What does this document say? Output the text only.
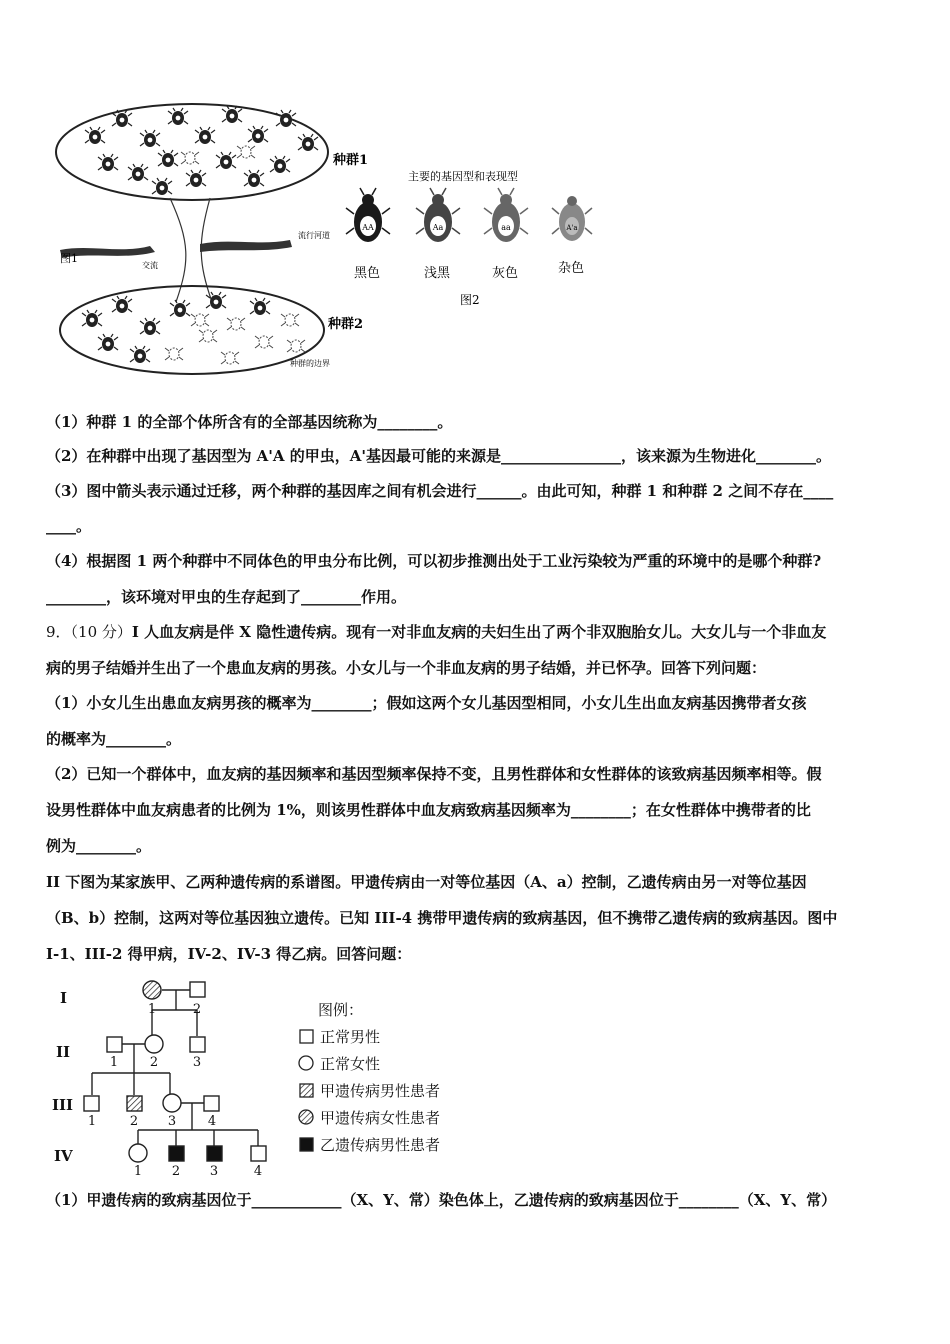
种群1
流行河道
交流
图1
种群2
种群的边界
主要的基因型和表现型
AA	Aa	aa	A'a
黑色	浅黑	灰色	杂色
图2
（1）种群 1 的全部个体所含有的全部基因统称为________。
（2）在种群中出现了基因型为 A'A 的甲虫，A'基因最可能的来源是________________，该来源为生物进化________。
（3）图中箭头表示通过迁移，两个种群的基因库之间有机会进行______。由此可知，种群 1 和种群 2 之间不存在____
____。
（4）根据图 1 两个种群中不同体色的甲虫分布比例，可以初步推测出处于工业污染较为严重的环境中的是哪个种群?
________，该环境对甲虫的生存起到了________作用。
9．（10 分）I 人血友病是伴 X 隐性遗传病。现有一对非血友病的夫妇生出了两个非双胞胎女儿。大女儿与一个非血友
病的男子结婚并生出了一个患血友病的男孩。小女儿与一个非血友病的男子结婚，并已怀孕。回答下列问题：
（1）小女儿生出患血友病男孩的概率为________；假如这两个女儿基因型相同，小女儿生出血友病基因携带者女孩
的概率为________。
（2）已知一个群体中，血友病的基因频率和基因型频率保持不变，且男性群体和女性群体的该致病基因频率相等。假
设男性群体中血友病患者的比例为 1%，则该男性群体中血友病致病基因频率为________；在女性群体中携带者的比
例为________。
II 下图为某家族甲、乙两种遗传病的系谱图。甲遗传病由一对等位基因（A、a）控制，乙遗传病由另一对等位基因
（B、b）控制，这两对等位基因独立遗传。已知 III-4 携带甲遗传病的致病基因，但不携带乙遗传病的致病基因。图中
I-1、III-2 得甲病，IV-2、IV-3 得乙病。回答问题：
I
II
III
IV
1	2
1 2	3
1	2 3 4
1 2 3	4
图例：
正常男性
正常女性
甲遗传病男性患者
甲遗传病女性患者
乙遗传病男性患者
（1）甲遗传病的致病基因位于____________（X、Y、常）染色体上，乙遗传病的致病基因位于________（X、Y、常）
